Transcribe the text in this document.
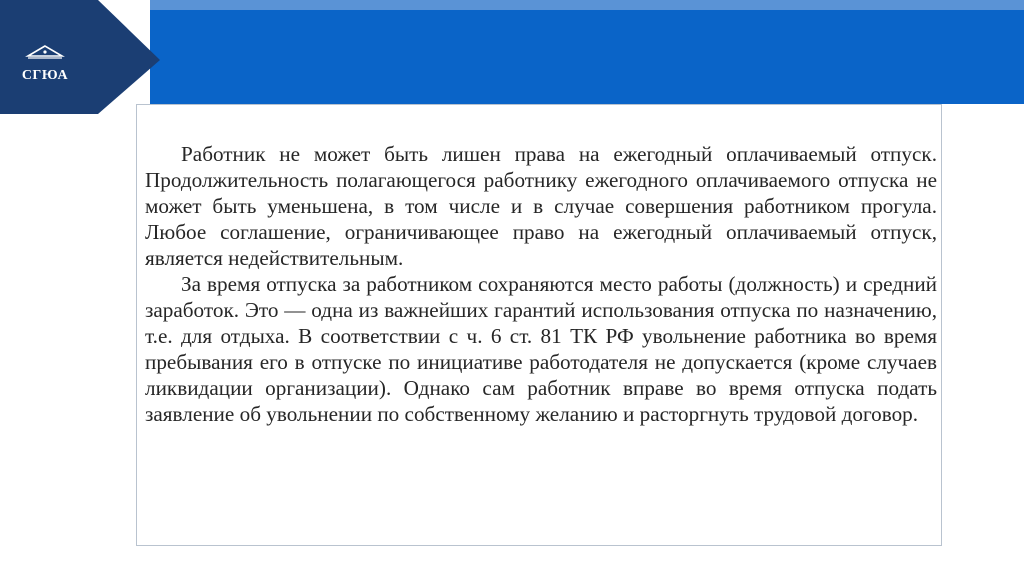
СГЮА

Работник не может быть лишен права на ежегодный оплачиваемый отпуск. Продолжительность полагающегося работнику ежегодного оплачиваемого отпуска не может быть уменьшена, в том числе и в случае совершения работником прогула. Любое соглашение, ограничивающее право на ежегодный оплачиваемый отпуск, является недействительным.

За время отпуска за работником сохраняются место работы (должность) и средний заработок. Это — одна из важнейших гарантий использования отпуска по назначению, т.е. для отдыха. В соответствии с ч. 6 ст. 81 ТК РФ увольнение работника во время пребывания его в отпуске по инициативе работодателя не допускается (кроме случаев ликвидации организации). Однако сам работник вправе во время отпуска подать заявление об увольнении по собственному желанию и расторгнуть трудовой договор.
